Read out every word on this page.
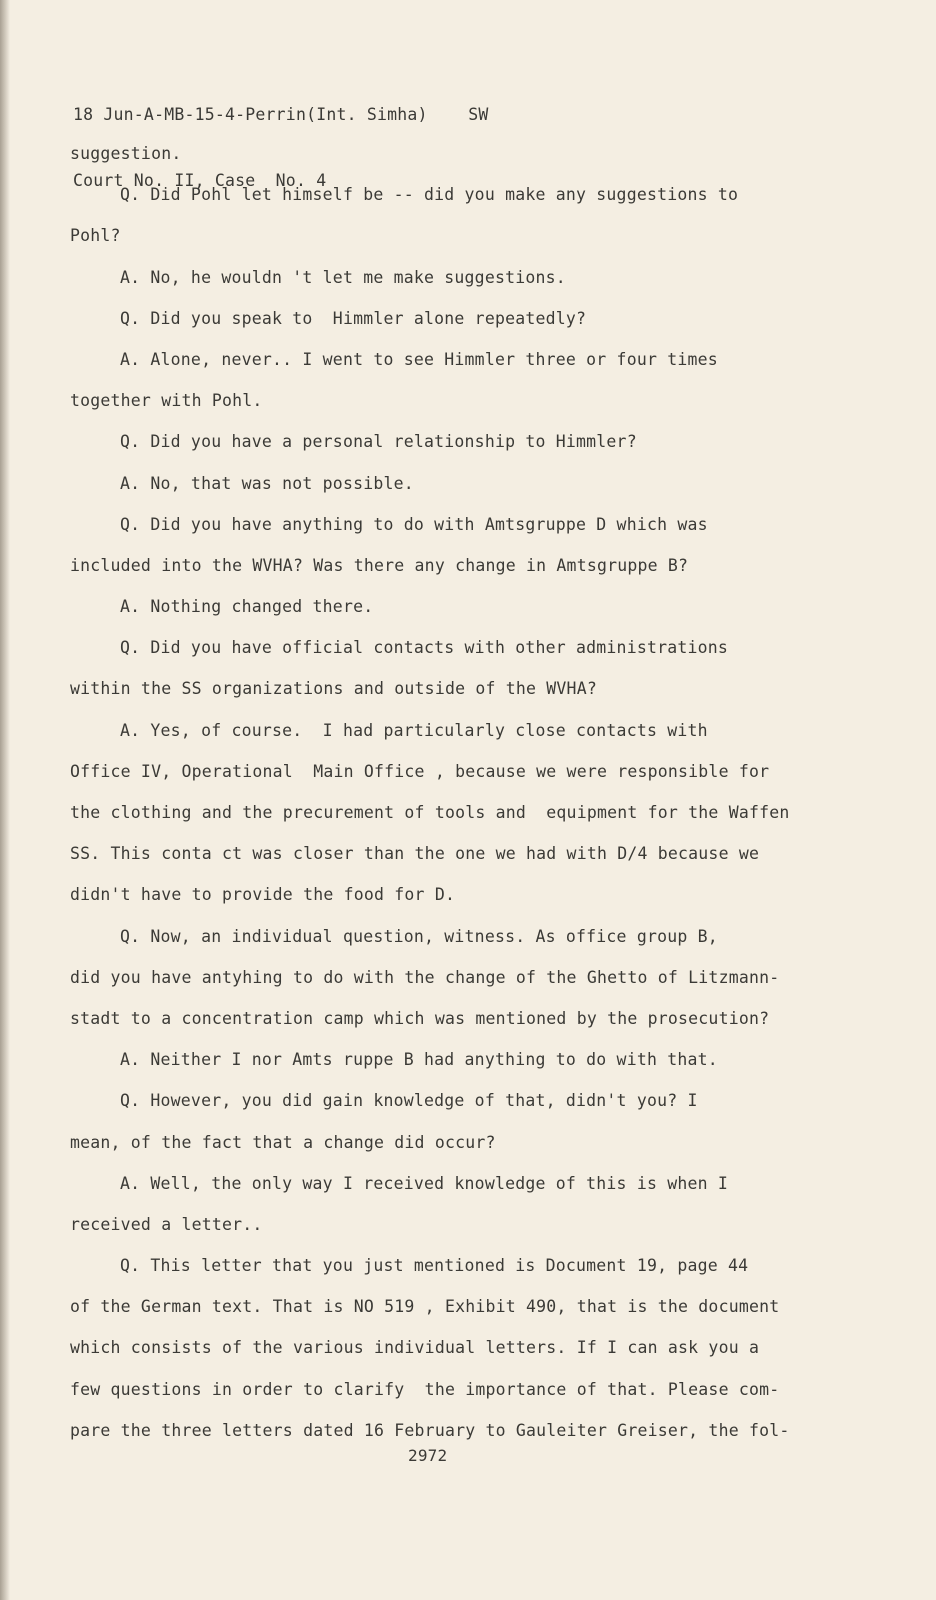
18 Jun-A-MB-15-4-Perrin(Int. Simha)    SW

Court No. II, Case  No. 4

suggestion.
Q. Did Pohl let himself be -- did you make any suggestions to
Pohl?
A. No, he wouldn 't let me make suggestions.
Q. Did you speak to  Himmler alone repeatedly?
A. Alone, never.. I went to see Himmler three or four times
together with Pohl.
Q. Did you have a personal relationship to Himmler?
A. No, that was not possible.
Q. Did you have anything to do with Amtsgruppe D which was
included into the WVHA? Was there any change in Amtsgruppe B?
A. Nothing changed there.
Q. Did you have official contacts with other administrations
within the SS organizations and outside of the WVHA?
A. Yes, of course.  I had particularly close contacts with
Office IV, Operational  Main Office , because we were responsible for
the clothing and the precurement of tools and  equipment for the Waffen
SS. This conta ct was closer than the one we had with D/4 because we
didn't have to provide the food for D.
Q. Now, an individual question, witness. As office group B,
did you have antyhing to do with the change of the Ghetto of Litzmann-
stadt to a concentration camp which was mentioned by the prosecution?
A. Neither I nor Amts ruppe B had anything to do with that.
Q. However, you did gain knowledge of that, didn't you? I
mean, of the fact that a change did occur?
A. Well, the only way I received knowledge of this is when I
received a letter..
Q. This letter that you just mentioned is Document 19, page 44
of the German text. That is NO 519 , Exhibit 490, that is the document
which consists of the various individual letters. If I can ask you a
few questions in order to clarify  the importance of that. Please com-
pare the three letters dated 16 February to Gauleiter Greiser, the fol-
2972
